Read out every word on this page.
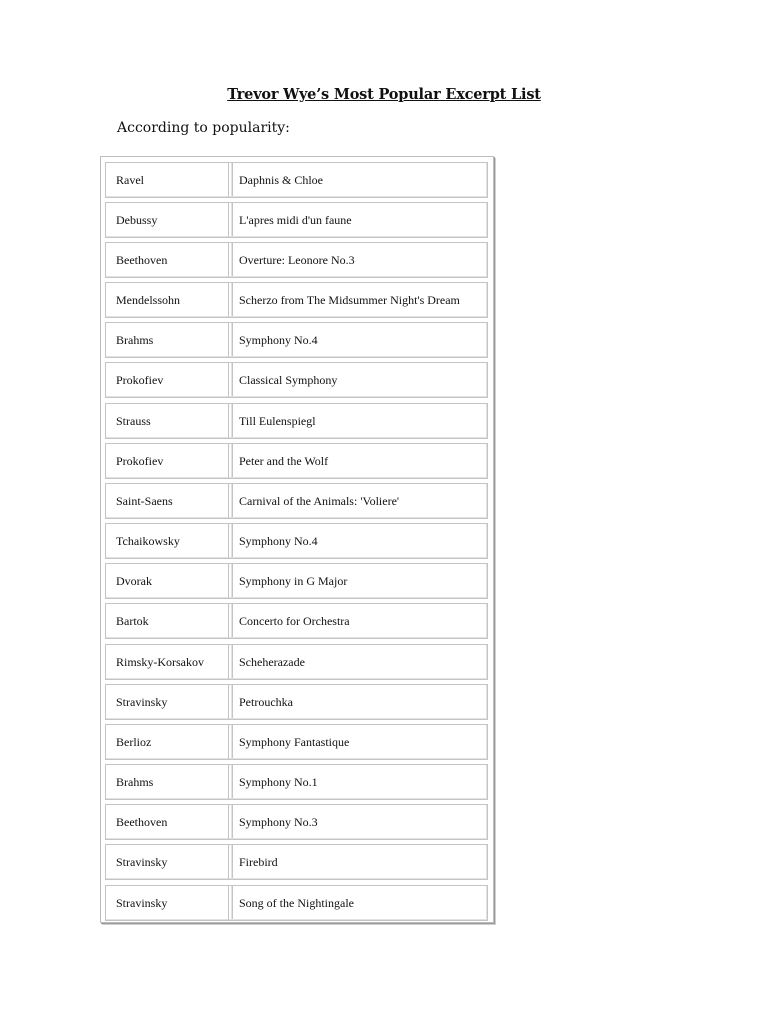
Trevor Wye’s Most Popular Excerpt List
According to popularity:
Ravel	Daphnis & Chloe
Debussy	L'apres midi d'un faune
Beethoven	Overture: Leonore No.3
Mendelssohn	Scherzo from The Midsummer Night's Dream
Brahms	Symphony No.4
Prokofiev	Classical Symphony
Strauss	Till Eulenspiegl
Prokofiev	Peter and the Wolf
Saint-Saens	Carnival of the Animals: 'Voliere'
Tchaikowsky	Symphony No.4
Dvorak	Symphony in G Major
Bartok	Concerto for Orchestra
Rimsky-Korsakov	Scheherazade
Stravinsky	Petrouchka
Berlioz	Symphony Fantastique
Brahms	Symphony No.1
Beethoven	Symphony No.3
Stravinsky	Firebird
Stravinsky	Song of the Nightingale
